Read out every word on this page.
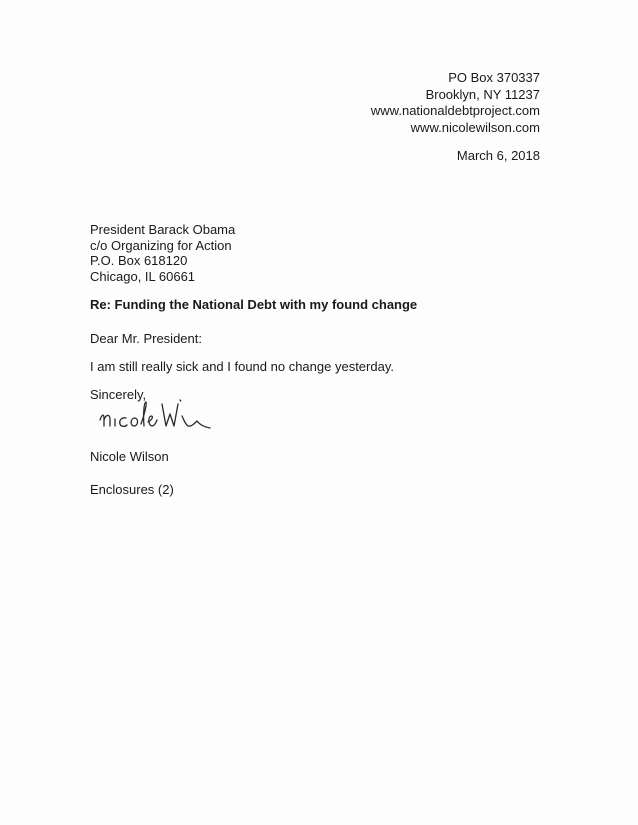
PO Box 370337
Brooklyn, NY 11237
www.nationaldebtproject.com
www.nicolewilson.com
March 6, 2018
President Barack Obama
c/o Organizing for Action
P.O. Box 618120
Chicago, IL 60661
Re: Funding the National Debt with my found change
Dear Mr. President:
I am still really sick and I found no change yesterday.
Sincerely,
Nicole Wilson
Enclosures (2)
